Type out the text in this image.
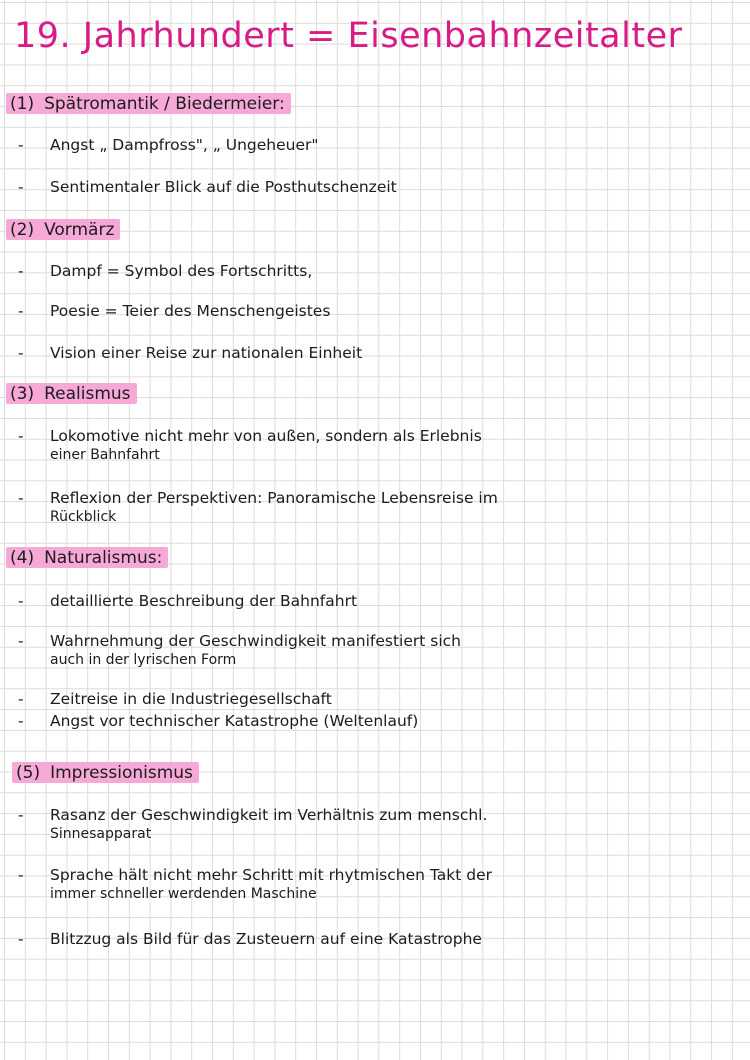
19. Jahrhundert = Eisenbahnzeitalter
(1) Spätromantik / Biedermeier:
- Angst „ Dampfross", „ Ungeheuer"
- Sentimentaler Blick auf die Posthutschenzeit
(2) Vormärz
- Dampf = Symbol des Fortschritts,
- Poesie = Teier des Menschengeistes
- Vision einer Reise zur nationalen Einheit
(3) Realismus
- Lokomotive nicht mehr von außen, sondern als Erlebnis
einer Bahnfahrt
- Reflexion der Perspektiven: Panoramische Lebensreise im
Rückblick
(4) Naturalismus:
- detaillierte Beschreibung der Bahnfahrt
- Wahrnehmung der Geschwindigkeit manifestiert sich
auch in der lyrischen Form
- Zeitreise in die Industriegesellschaft
- Angst vor technischer Katastrophe (Weltenlauf)
(5) Impressionismus
- Rasanz der Geschwindigkeit im Verhältnis zum menschl.
Sinnesapparat
- Sprache hält nicht mehr Schritt mit rhytmischen Takt der
immer schneller werdenden Maschine
- Blitzzug als Bild für das Zusteuern auf eine Katastrophe
